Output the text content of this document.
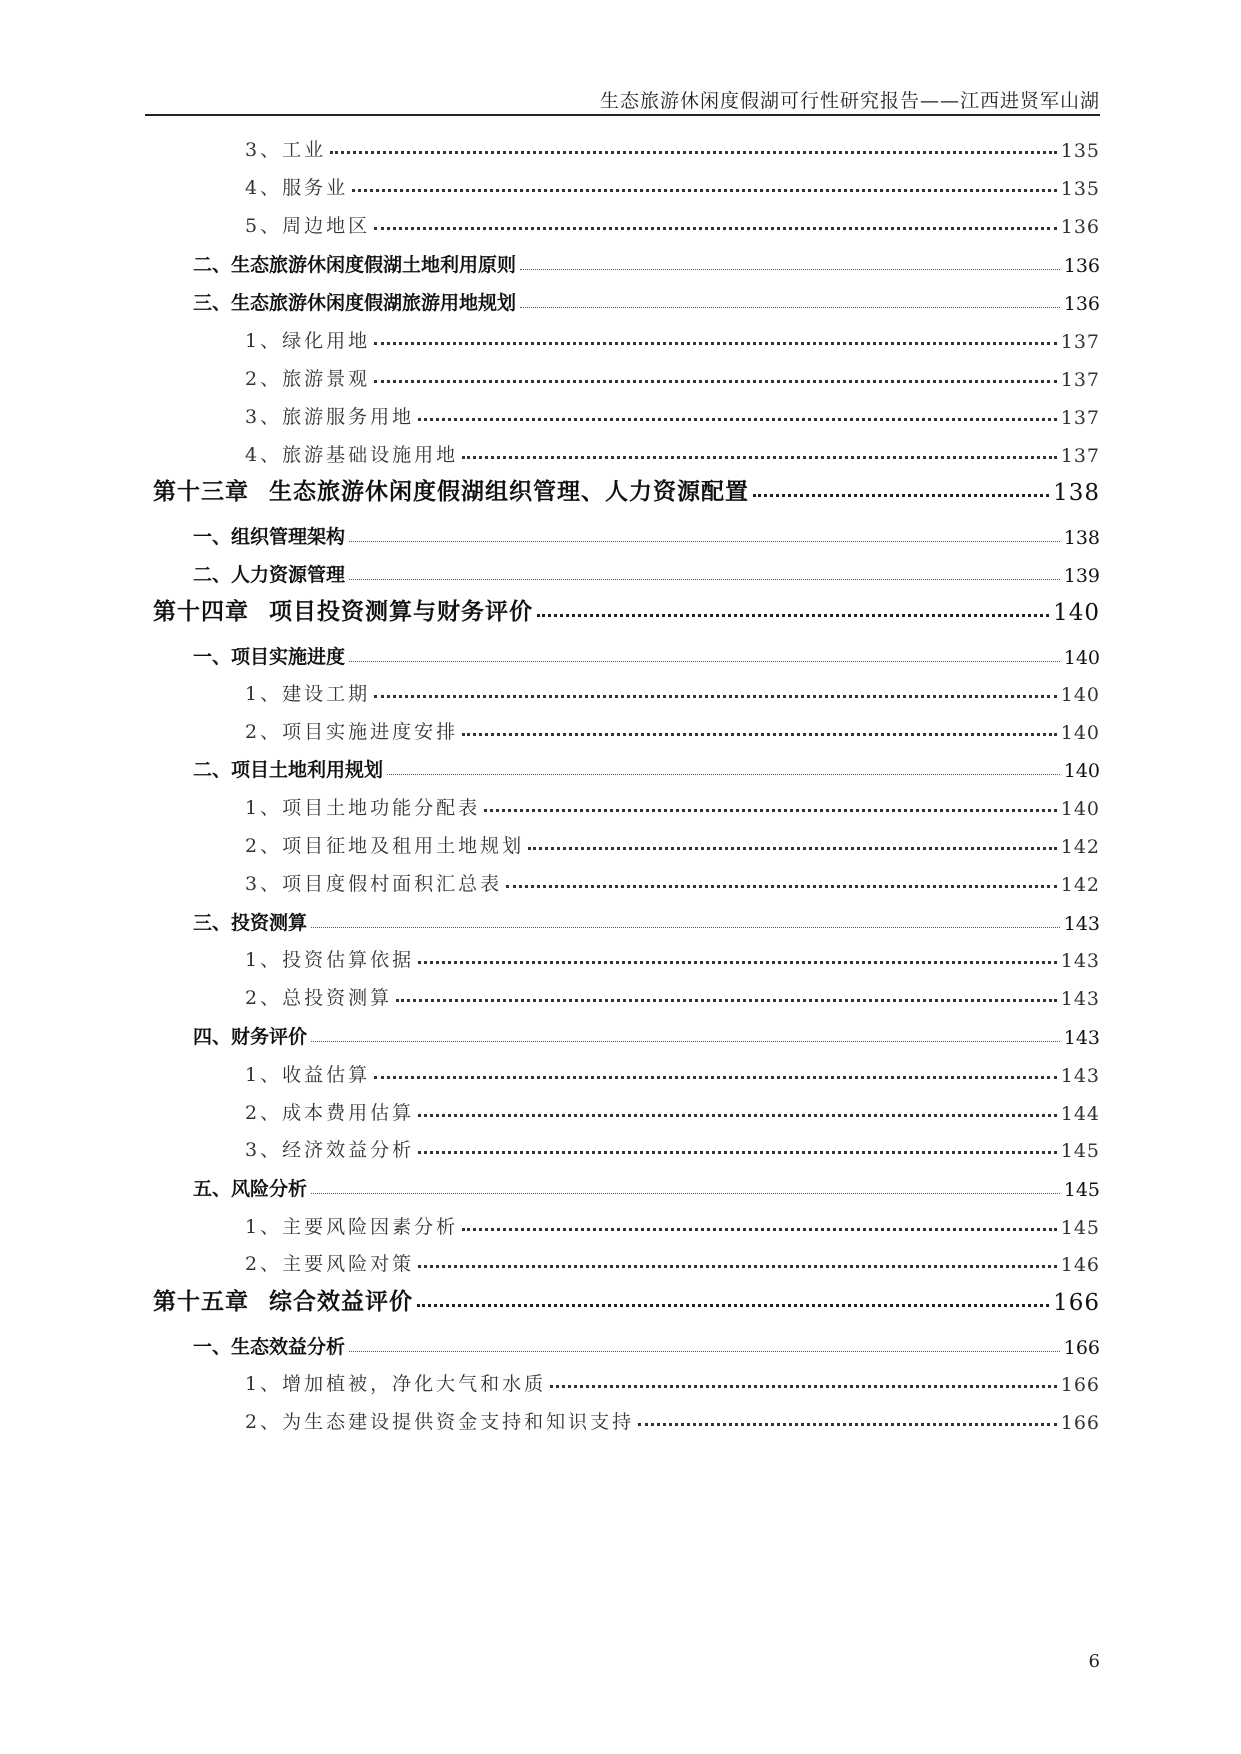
生态旅游休闲度假湖可行性研究报告——江西进贤军山湖
3、工业	135
4、服务业	135
5、周边地区	136
二、生态旅游休闲度假湖土地利用原则	136
三、生态旅游休闲度假湖旅游用地规划	136
1、绿化用地	137
2、旅游景观	137
3、旅游服务用地	137
4、旅游基础设施用地	137
第十三章 生态旅游休闲度假湖组织管理、人力资源配置	138
一、组织管理架构	138
二、人力资源管理	139
第十四章 项目投资测算与财务评价	140
一、项目实施进度	140
1、建设工期	140
2、项目实施进度安排	140
二、项目土地利用规划	140
1、项目土地功能分配表	140
2、项目征地及租用土地规划	142
3、项目度假村面积汇总表	142
三、投资测算	143
1、投资估算依据	143
2、总投资测算	143
四、财务评价	143
1、收益估算	143
2、成本费用估算	144
3、经济效益分析	145
五、风险分析	145
1、主要风险因素分析	145
2、主要风险对策	146
第十五章 综合效益评价	166
一、生态效益分析	166
1、增加植被，净化大气和水质	166
2、为生态建设提供资金支持和知识支持	166
6
